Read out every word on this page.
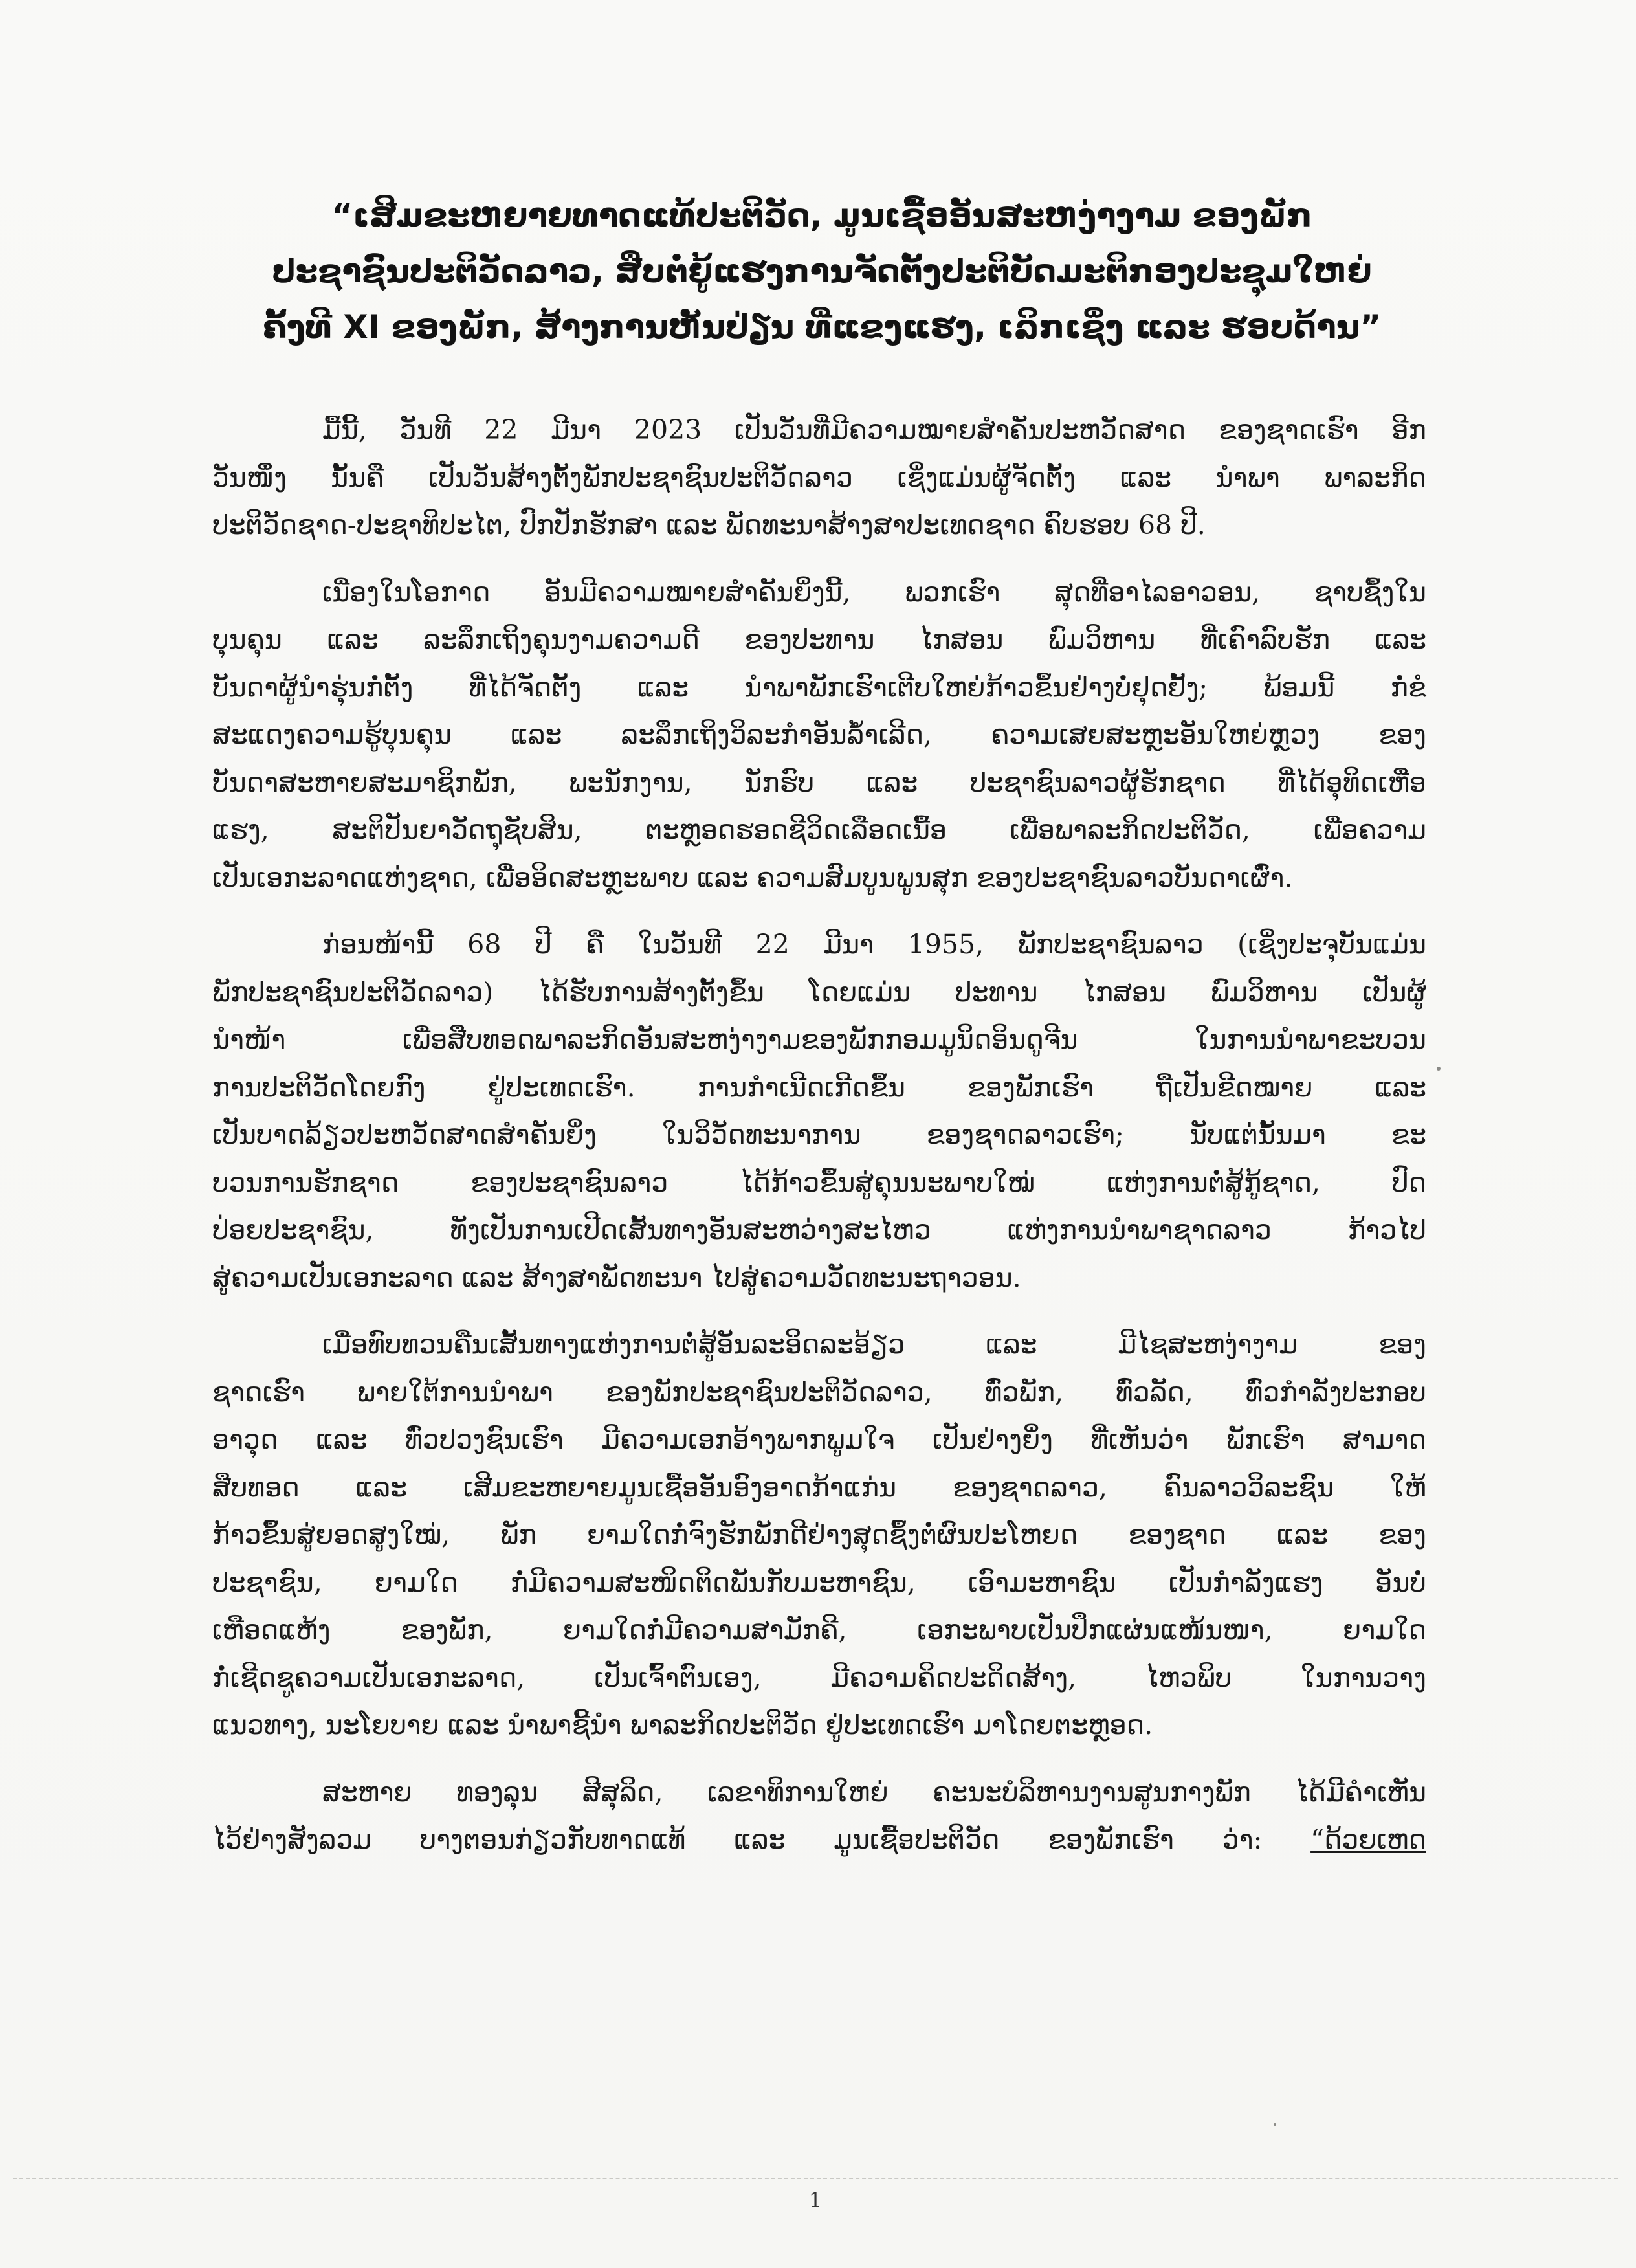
“ເສີມຂະຫຍາຍທາດແທ້ປະຕິວັດ, ມູນເຊື້ອອັນສະຫງ່າງາມ ຂອງພັກ
ປະຊາຊົນປະຕິວັດລາວ, ສືບຕໍ່ຍູ້ແຮງການຈັດຕັ້ງປະຕິບັດມະຕິກອງປະຊຸມໃຫຍ່
ຄັ້ງທີ XI ຂອງພັກ, ສ້າງການຫັນປ່ຽນ ທີ່ແຂງແຮງ, ເລິກເຊິ່ງ ແລະ ຮອບດ້ານ”
ມື້ນີ້, ວັນທີ 22 ມີນາ 2023 ເປັນວັນທີ່ມີຄວາມໝາຍສໍາຄັນປະຫວັດສາດ ຂອງຊາດເຮົາ ອີກ
ວັນໜຶ່ງ ນັ້ນຄື ເປັນວັນສ້າງຕັ້ງພັກປະຊາຊົນປະຕິວັດລາວ ເຊິ່ງແມ່ນຜູ້ຈັດຕັ້ງ ແລະ ນໍາພາ ພາລະກິດ
ປະຕິວັດຊາດ-ປະຊາທິປະໄຕ, ປົກປັກຮັກສາ ແລະ ພັດທະນາສ້າງສາປະເທດຊາດ ຄົບຮອບ 68 ປີ.
ເນື່ອງໃນໂອກາດ ອັນມີຄວາມໝາຍສໍາຄັນຍິ່ງນີ້, ພວກເຮົາ ສຸດທີ່ອາໄລອາວອນ, ຊາບຊຶ້ງໃນ
ບຸນຄຸນ ແລະ ລະລຶກເຖິງຄຸນງາມຄວາມດີ ຂອງປະທານ ໄກສອນ ພົມວິຫານ ທີ່ເຄົາລົບຮັກ ແລະ
ບັນດາຜູ້ນໍາຮຸ່ນກໍ່ຕັ້ງ ທີ່ໄດ້ຈັດຕັ້ງ ແລະ ນໍາພາພັກເຮົາເຕີບໃຫຍ່ກ້າວຂຶ້ນຢ່າງບໍ່ຢຸດຢັ້ງ; ພ້ອມນີ້ ກໍ່ຂໍ
ສະແດງຄວາມຮູ້ບຸນຄຸນ ແລະ ລະລຶກເຖິງວິລະກໍາອັນລໍ້າເລີດ, ຄວາມເສຍສະຫຼະອັນໃຫຍ່ຫຼວງ ຂອງ
ບັນດາສະຫາຍສະມາຊິກພັກ, ພະນັກງານ, ນັກຮົບ ແລະ ປະຊາຊົນລາວຜູ້ຮັກຊາດ ທີ່ໄດ້ອຸທິດເຫື່ອ
ແຮງ, ສະຕິປັນຍາວັດຖຸຊັບສິນ, ຕະຫຼອດຮອດຊີວິດເລືອດເນື້ອ ເພື່ອພາລະກິດປະຕິວັດ, ເພື່ອຄວາມ
ເປັນເອກະລາດແຫ່ງຊາດ, ເພື່ອອິດສະຫຼະພາບ ແລະ ຄວາມສົມບູນພູນສຸກ ຂອງປະຊາຊົນລາວບັນດາເຜົ່າ.
ກ່ອນໜ້ານີ້ 68 ປີ ຄື ໃນວັນທີ 22 ມີນາ 1955, ພັກປະຊາຊົນລາວ (ເຊິ່ງປະຈຸບັນແມ່ນ
ພັກປະຊາຊົນປະຕິວັດລາວ) ໄດ້ຮັບການສ້າງຕັ້ງຂຶ້ນ ໂດຍແມ່ນ ປະທານ ໄກສອນ ພົມວິຫານ ເປັນຜູ້
ນໍາໜ້າ ເພື່ອສືບທອດພາລະກິດອັນສະຫງ່າງາມຂອງພັກກອມມູນິດອິນດູຈີນ ໃນການນໍາພາຂະບວນ
ການປະຕິວັດໂດຍກົງ ຢູ່ປະເທດເຮົາ. ການກໍາເນີດເກີດຂຶ້ນ ຂອງພັກເຮົາ ຖືເປັນຂີດໝາຍ ແລະ
ເປັນບາດລ້ຽວປະຫວັດສາດສໍາຄັນຍິ່ງ ໃນວິວັດທະນາການ ຂອງຊາດລາວເຮົາ; ນັບແຕ່ນັ້ນມາ ຂະ
ບວນການຮັກຊາດ ຂອງປະຊາຊົນລາວ ໄດ້ກ້າວຂຶ້ນສູ່ຄຸນນະພາບໃໝ່ ແຫ່ງການຕໍ່ສູ້ກູ້ຊາດ, ປົດ
ປ່ອຍປະຊາຊົນ, ທັງເປັນການເປີດເສັ້ນທາງອັນສະຫວ່າງສະໄຫວ ແຫ່ງການນໍາພາຊາດລາວ ກ້າວໄປ
ສູ່ຄວາມເປັນເອກະລາດ ແລະ ສ້າງສາພັດທະນາ ໄປສູ່ຄວາມວັດທະນະຖາວອນ.
ເມື່ອທົບທວນຄືນເສັ້ນທາງແຫ່ງການຕໍ່ສູ້ອັນລະອິດລະອ້ຽວ ແລະ ມີໄຊສະຫງ່າງາມ ຂອງ
ຊາດເຮົາ ພາຍໃຕ້ການນໍາພາ ຂອງພັກປະຊາຊົນປະຕິວັດລາວ, ທົ່ວພັກ, ທົ່ວລັດ, ທົ່ວກໍາລັງປະກອບ
ອາວຸດ ແລະ ທົ່ວປວງຊົນເຮົາ ມີຄວາມເອກອ້າງພາກພູມໃຈ ເປັນຢ່າງຍິ່ງ ທີ່ເຫັນວ່າ ພັກເຮົາ ສາມາດ
ສືບທອດ ແລະ ເສີມຂະຫຍາຍມູນເຊື້ອອັນອົງອາດກ້າແກ່ນ ຂອງຊາດລາວ, ຄົນລາວວິລະຊົນ ໃຫ້
ກ້າວຂຶ້ນສູ່ຍອດສູງໃໝ່, ພັກ ຍາມໃດກໍ່ຈົງຮັກພັກດີຢ່າງສຸດຊຶ້ງຕໍ່ຜົນປະໂຫຍດ ຂອງຊາດ ແລະ ຂອງ
ປະຊາຊົນ, ຍາມໃດ ກໍ່ມີຄວາມສະໜິດຕິດພັນກັບມະຫາຊົນ, ເອົາມະຫາຊົນ ເປັນກໍາລັງແຮງ ອັນບໍ່
ເຫືອດແຫ້ງ ຂອງພັກ, ຍາມໃດກໍ່ມີຄວາມສາມັກຄີ, ເອກະພາບເປັນປຶກແຜ່ນແໜ້ນໜາ, ຍາມໃດ
ກໍ່ເຊີດຊູຄວາມເປັນເອກະລາດ, ເປັນເຈົ້າຕົນເອງ, ມີຄວາມຄິດປະດິດສ້າງ, ໄຫວພິບ ໃນການວາງ
ແນວທາງ, ນະໂຍບາຍ ແລະ ນໍາພາຊີ້ນໍາ ພາລະກິດປະຕິວັດ ຢູ່ປະເທດເຮົາ ມາໂດຍຕະຫຼອດ.
ສະຫາຍ ທອງລຸນ ສີສຸລິດ, ເລຂາທິການໃຫຍ່ ຄະນະບໍລິຫານງານສູນກາງພັກ ໄດ້ມີຄໍາເຫັນ
ໄວ້ຢ່າງສັງລວມ ບາງຕອນກ່ຽວກັບທາດແທ້ ແລະ ມູນເຊື້ອປະຕິວັດ ຂອງພັກເຮົາ ວ່າ: “ດ້ວຍເຫດ
1
